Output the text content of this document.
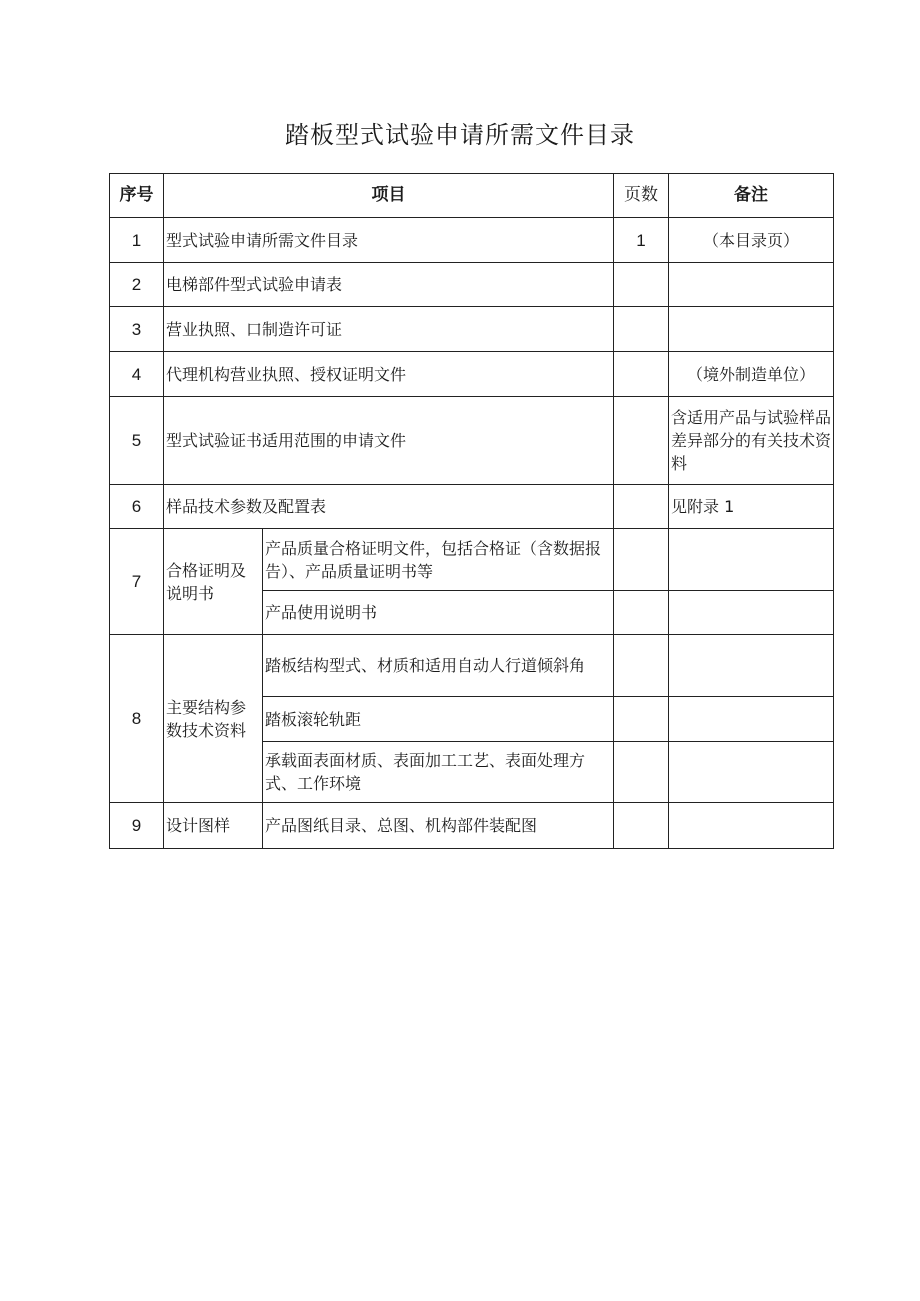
踏板型式试验申请所需文件目录
序号	项目		页数	备注
1	型式试验申请所需文件目录		1	（本目录页）
2	电梯部件型式试验申请表			
3	营业执照、口制造许可证			
4	代理机构营业执照、授权证明文件			（境外制造单位）
5	型式试验证书适用范围的申请文件			含适用产品与试验样品差异部分的有关技术资料
6	样品技术参数及配置表			见附录 1
7	合格证明及说明书	产品质量合格证明文件，包括合格证（含数据报告）、产品质量证明书等		
		产品使用说明书		
8	主要结构参数技术资料	踏板结构型式、材质和适用自动人行道倾斜角		
		踏板滚轮轨距		
		承载面表面材质、表面加工工艺、表面处理方式、工作环境		
9	设计图样	产品图纸目录、总图、机构部件装配图		
